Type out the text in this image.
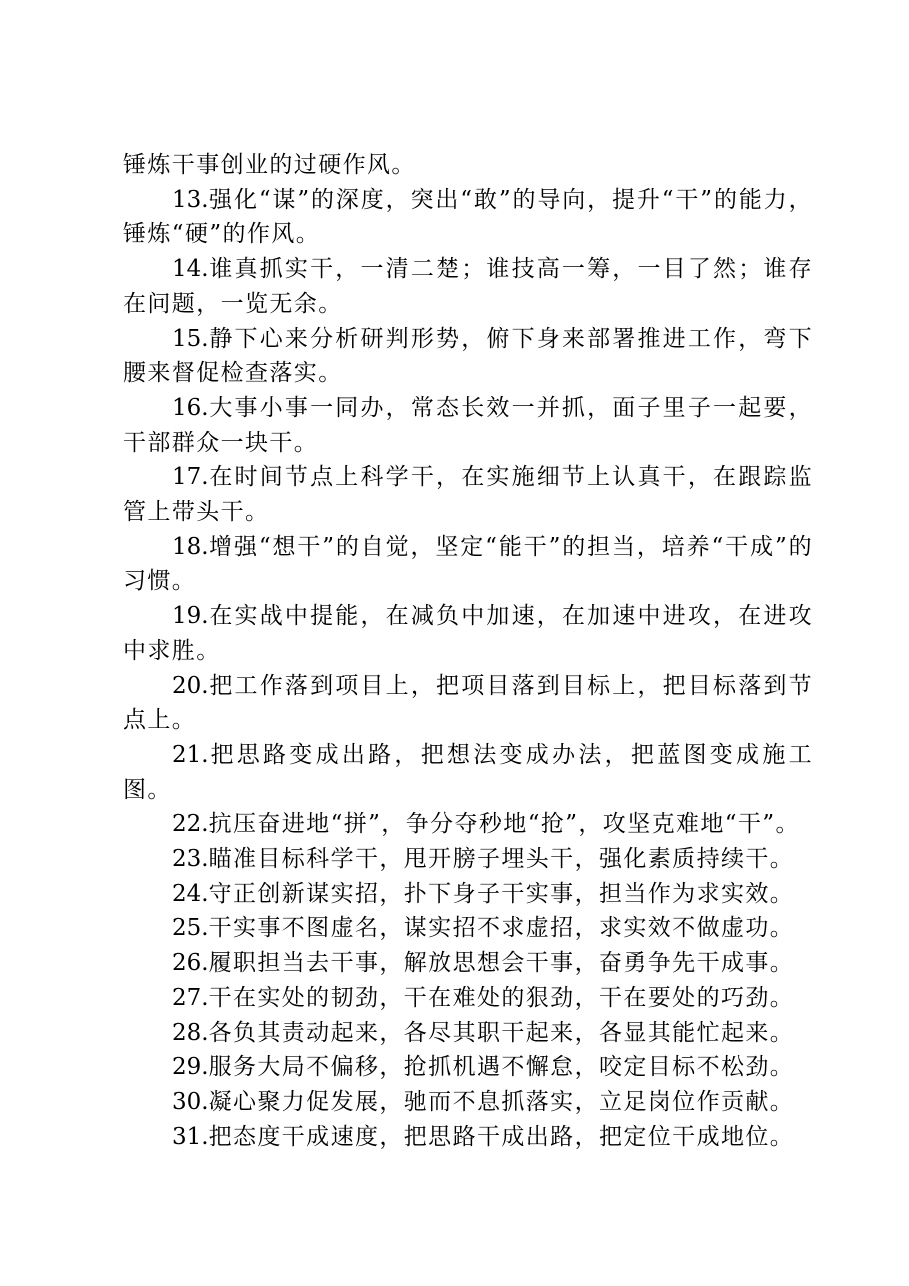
锤炼干事创业的过硬作风。

13.强化“谋”的深度，突出“敢”的导向，提升“干”的能力，锤炼“硬”的作风。

14.谁真抓实干，一清二楚；谁技高一筹，一目了然；谁存在问题，一览无余。

15.静下心来分析研判形势，俯下身来部署推进工作，弯下腰来督促检查落实。

16.大事小事一同办，常态长效一并抓，面子里子一起要，干部群众一块干。

17.在时间节点上科学干，在实施细节上认真干，在跟踪监管上带头干。

18.增强“想干”的自觉，坚定“能干”的担当，培养“干成”的习惯。

19.在实战中提能，在减负中加速，在加速中进攻，在进攻中求胜。

20.把工作落到项目上，把项目落到目标上，把目标落到节点上。

21.把思路变成出路，把想法变成办法，把蓝图变成施工图。

22.抗压奋进地“拼”，争分夺秒地“抢”，攻坚克难地“干”。

23.瞄准目标科学干，甩开膀子埋头干，强化素质持续干。

24.守正创新谋实招，扑下身子干实事，担当作为求实效。

25.干实事不图虚名，谋实招不求虚招，求实效不做虚功。

26.履职担当去干事，解放思想会干事，奋勇争先干成事。

27.干在实处的韧劲，干在难处的狠劲，干在要处的巧劲。

28.各负其责动起来，各尽其职干起来，各显其能忙起来。

29.服务大局不偏移，抢抓机遇不懈怠，咬定目标不松劲。

30.凝心聚力促发展，驰而不息抓落实，立足岗位作贡献。

31.把态度干成速度，把思路干成出路，把定位干成地位。
